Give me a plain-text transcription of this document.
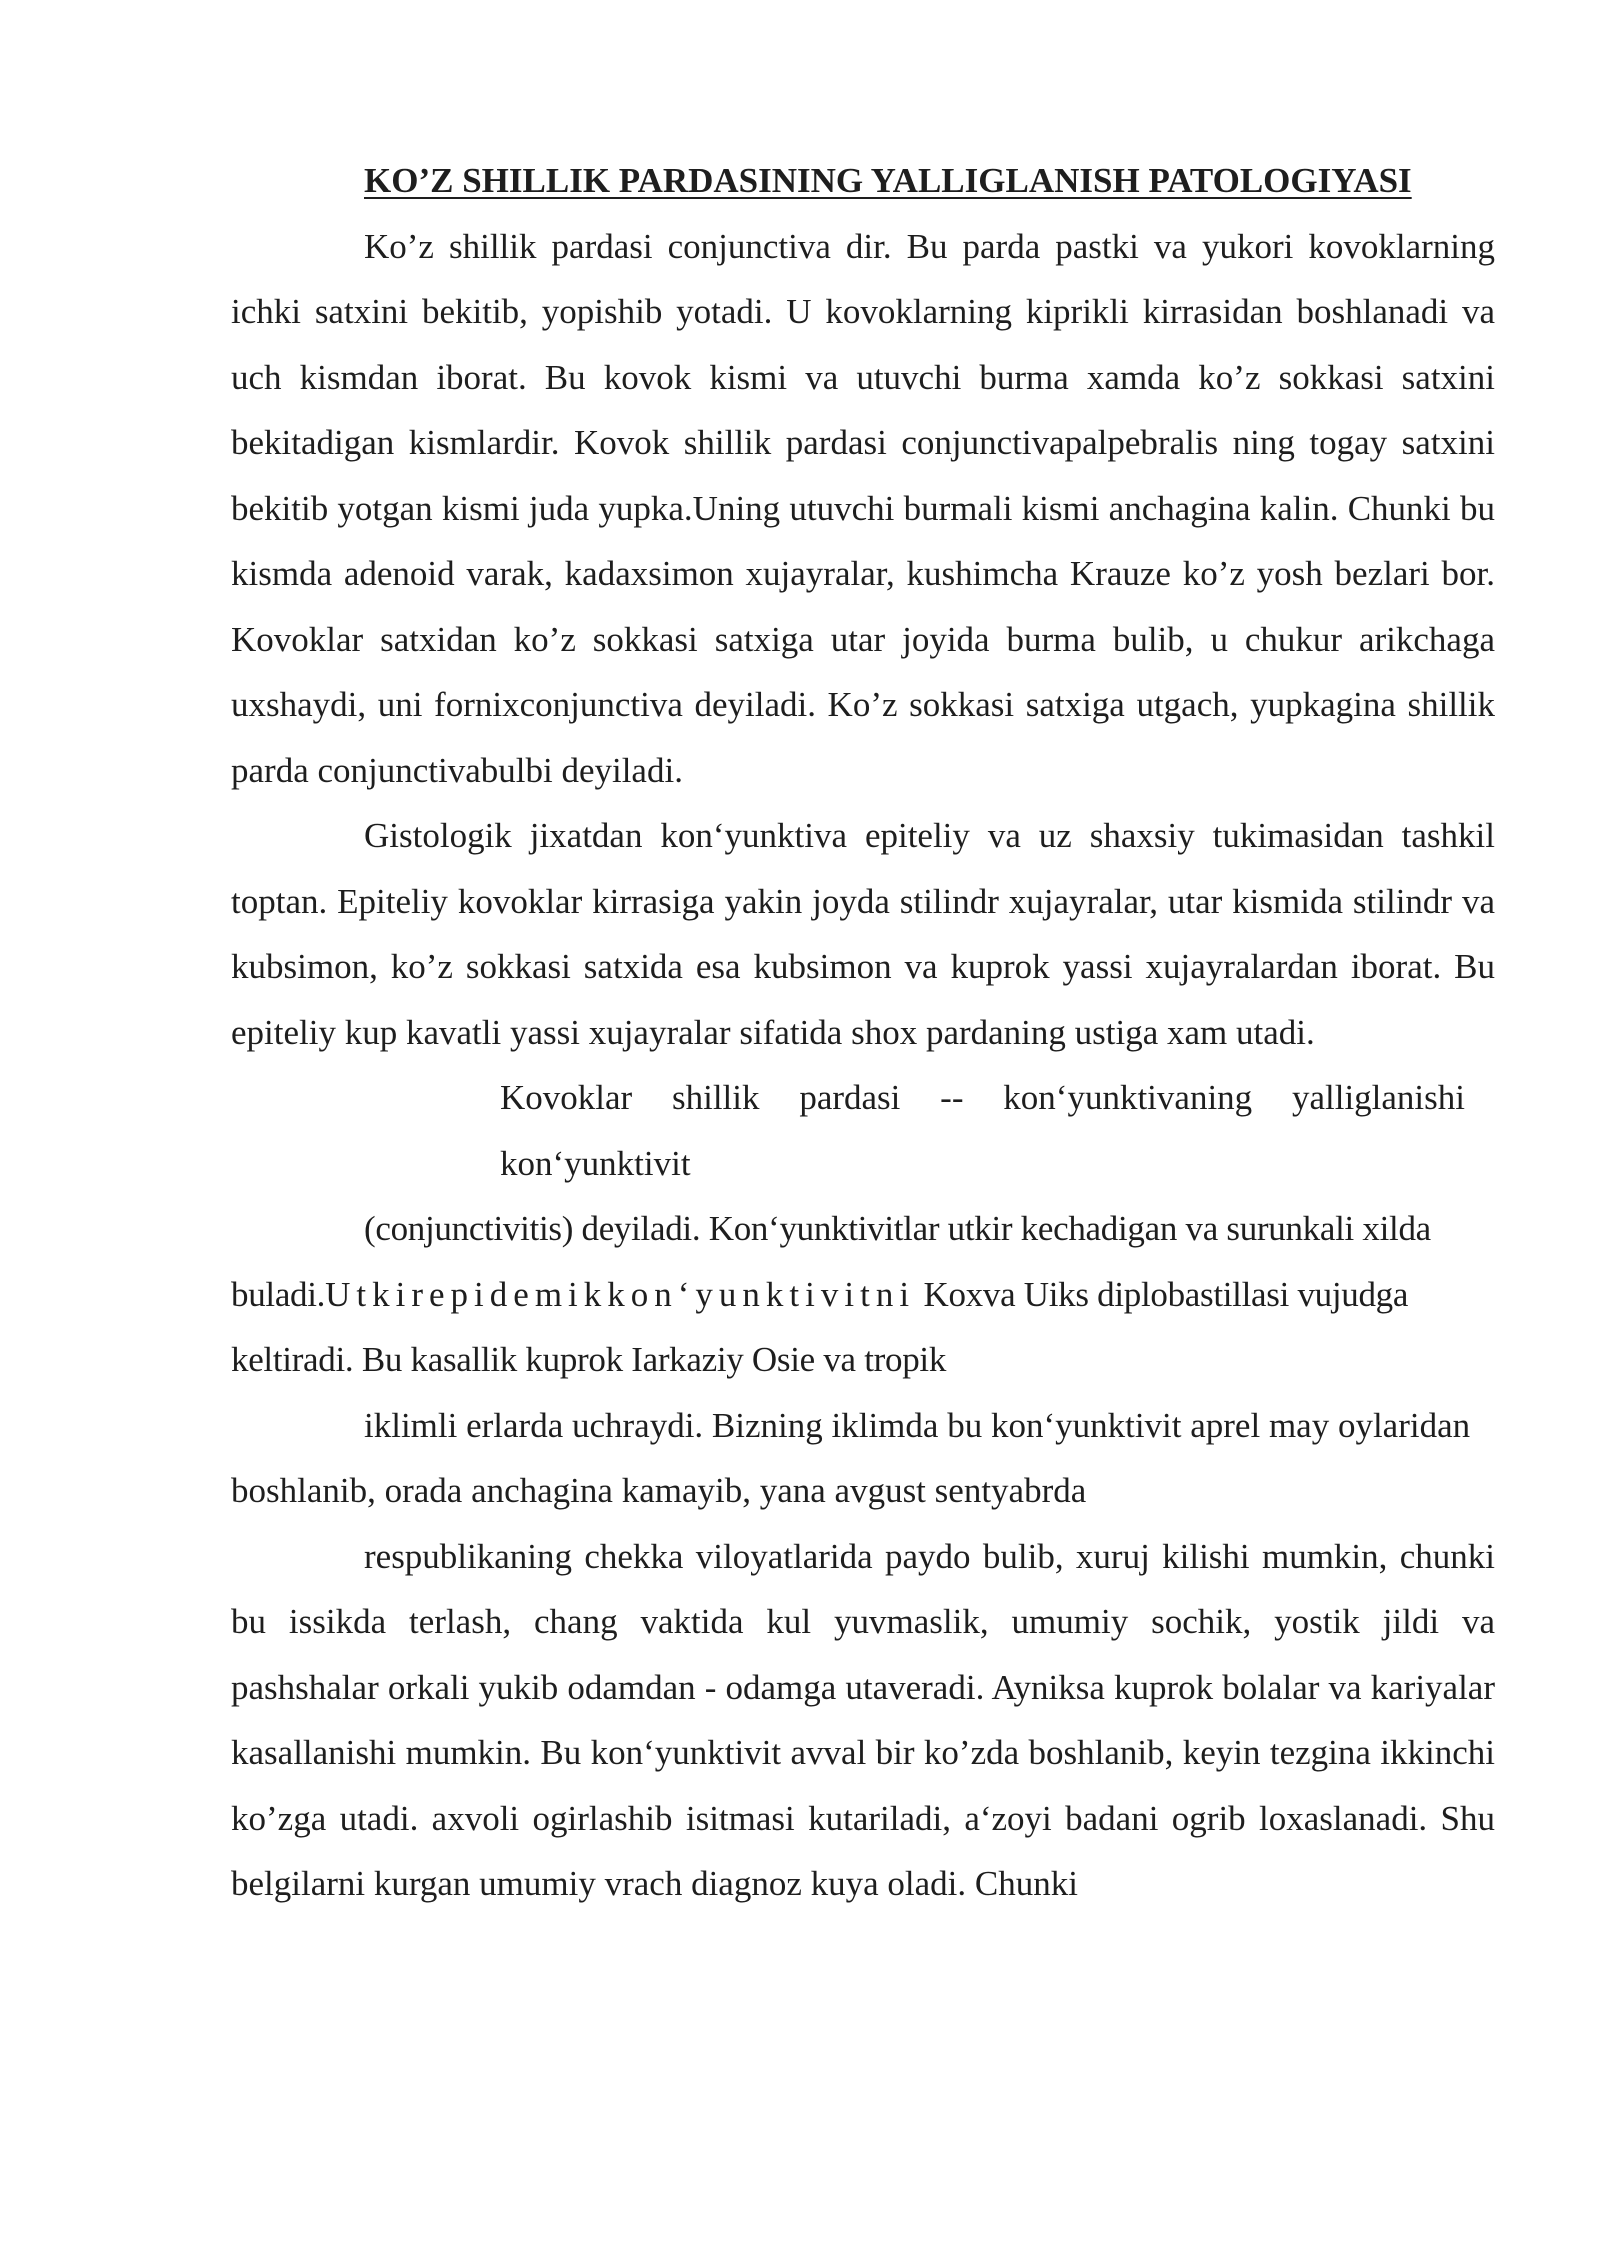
KO’Z SHILLIK PARDASINING YALLIGLANISH PATOLOGIYASI

Ko’z shillik pardasi conjunctiva dir. Bu parda pastki va yukori kovoklarning ichki satxini bekitib, yopishib yotadi. U kovoklarning kiprikli kirrasidan boshlanadi va uch kismdan iborat. Bu kovok kismi va utuvchi burma xamda ko’z sokkasi satxini bekitadigan kismlardir. Kovok shillik pardasi conjunctivapalpebralis ning togay satxini bekitib yotgan kismi juda yupka.Uning utuvchi burmali kismi anchagina kalin. Chunki bu kismda adenoid varak, kadaxsimon xujayralar, kushimcha Krauze ko’z yosh bezlari bor. Kovoklar satxidan ko’z sokkasi satxiga utar joyida burma bulib, u chukur arikchaga uxshaydi, uni fornixconjunctiva deyiladi. Ko’z sokkasi satxiga utgach, yupkagina shillik parda conjunctivabulbi deyiladi.

Gistologik jixatdan kon‘yunktiva epiteliy va uz shaxsiy tukimasidan tashkil toptan. Epiteliy kovoklar kirrasiga yakin joyda stilindr xujayralar, utar kismida stilindr va kubsimon, ko’z sokkasi satxida esa kubsimon va kuprok yassi xujayralardan iborat. Bu epiteliy kup kavatli yassi xujayralar sifatida shox pardaning ustiga xam utadi.

Kovoklar shillik pardasi -- kon‘yunktivaning yalliglanishi kon‘yunktivit

(conjunctivitis) deyiladi. Kon‘yunktivitlar utkir kechadigan va surunkali xilda buladi.Utkirepidemikkon‘yunktivitni Koxva Uiks diplobastillasi vujudga keltiradi. Bu kasallik kuprok Iarkaziy Osie va tropik

iklimli erlarda uchraydi. Bizning iklimda bu kon‘yunktivit aprel may oylaridan boshlanib, orada anchagina kamayib, yana avgust sentyabrda

respublikaning chekka viloyatlarida paydo bulib, xuruj kilishi mumkin, chunki bu issikda terlash, chang vaktida kul yuvmaslik, umumiy sochik, yostik jildi va pashshalar orkali yukib odamdan - odamga utaveradi. Ayniksa kuprok bolalar va kariyalar kasallanishi mumkin. Bu kon‘yunktivit avval bir ko’zda boshlanib, keyin tezgina ikkinchi ko’zga utadi. axvoli ogirlashib isitmasi kutariladi, a‘zoyi badani ogrib loxaslanadi. Shu belgilarni kurgan umumiy vrach diagnoz kuya oladi. Chunki
